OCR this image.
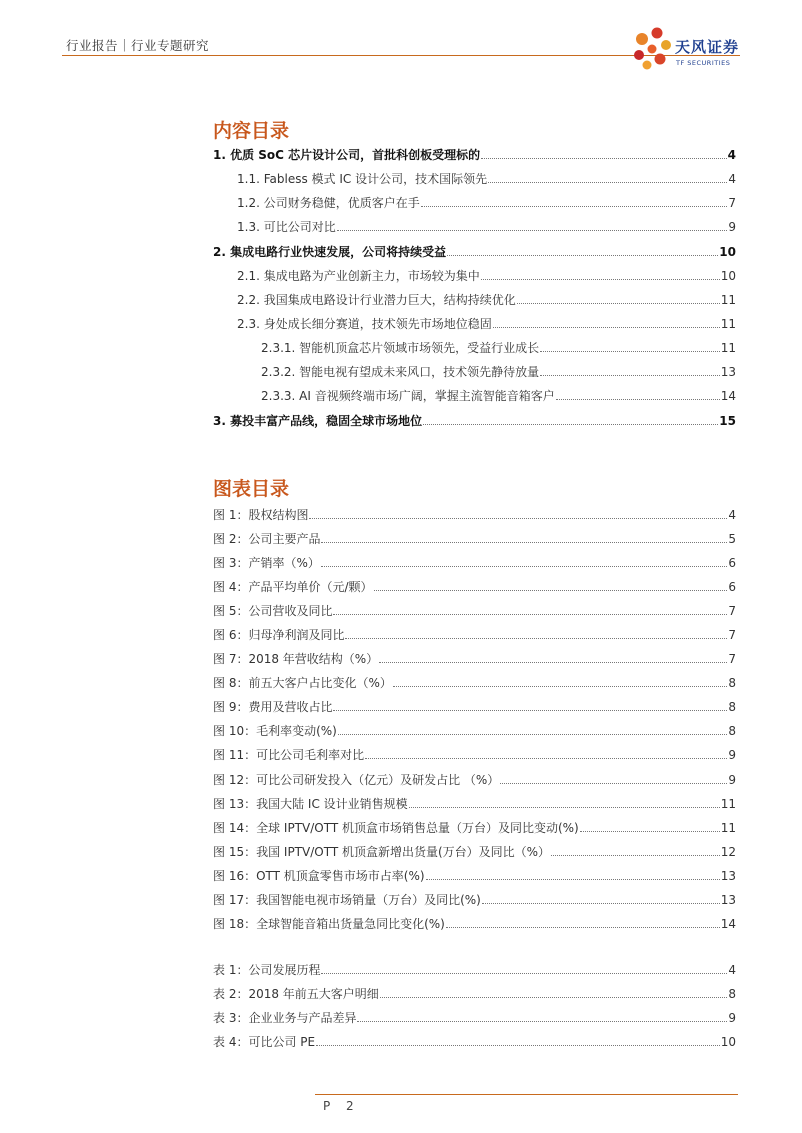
行业报告｜行业专题研究	天风证券
TF SECURITIES
内容目录
1. 优质 SoC 芯片设计公司，首批科创板受理标的	4
1.1. Fabless 模式 IC 设计公司，技术国际领先	4
1.2. 公司财务稳健，优质客户在手	7
1.3. 可比公司对比	9
2. 集成电路行业快速发展，公司将持续受益	10
2.1. 集成电路为产业创新主力，市场较为集中	10
2.2. 我国集成电路设计行业潜力巨大，结构持续优化	11
2.3. 身处成长细分赛道，技术领先市场地位稳固	11
2.3.1. 智能机顶盒芯片领域市场领先，受益行业成长	11
2.3.2. 智能电视有望成未来风口，技术领先静待放量	13
2.3.3. AI 音视频终端市场广阔，掌握主流智能音箱客户	14
3. 募投丰富产品线，稳固全球市场地位	15
图表目录
图 1：股权结构图	4
图 2：公司主要产品	5
图 3：产销率（%）	6
图 4：产品平均单价（元/颗）	6
图 5：公司营收及同比	7
图 6：归母净利润及同比	7
图 7：2018 年营收结构（%）	7
图 8：前五大客户占比变化（%）	8
图 9：费用及营收占比	8
图 10：毛利率变动(%)	8
图 11：可比公司毛利率对比	9
图 12：可比公司研发投入（亿元）及研发占比 （%）	9
图 13：我国大陆 IC 设计业销售规模	11
图 14：全球 IPTV/OTT 机顶盒市场销售总量（万台）及同比变动(%)	11
图 15：我国 IPTV/OTT 机顶盒新增出货量(万台）及同比（%）	12
图 16：OTT 机顶盒零售市场市占率(%)	13
图 17：我国智能电视市场销量（万台）及同比(%)	13
图 18：全球智能音箱出货量急同比变化(%)	14
表 1：公司发展历程	4
表 2：2018 年前五大客户明细	8
表 3：企业业务与产品差异	9
表 4：可比公司 PE	10
P 2
